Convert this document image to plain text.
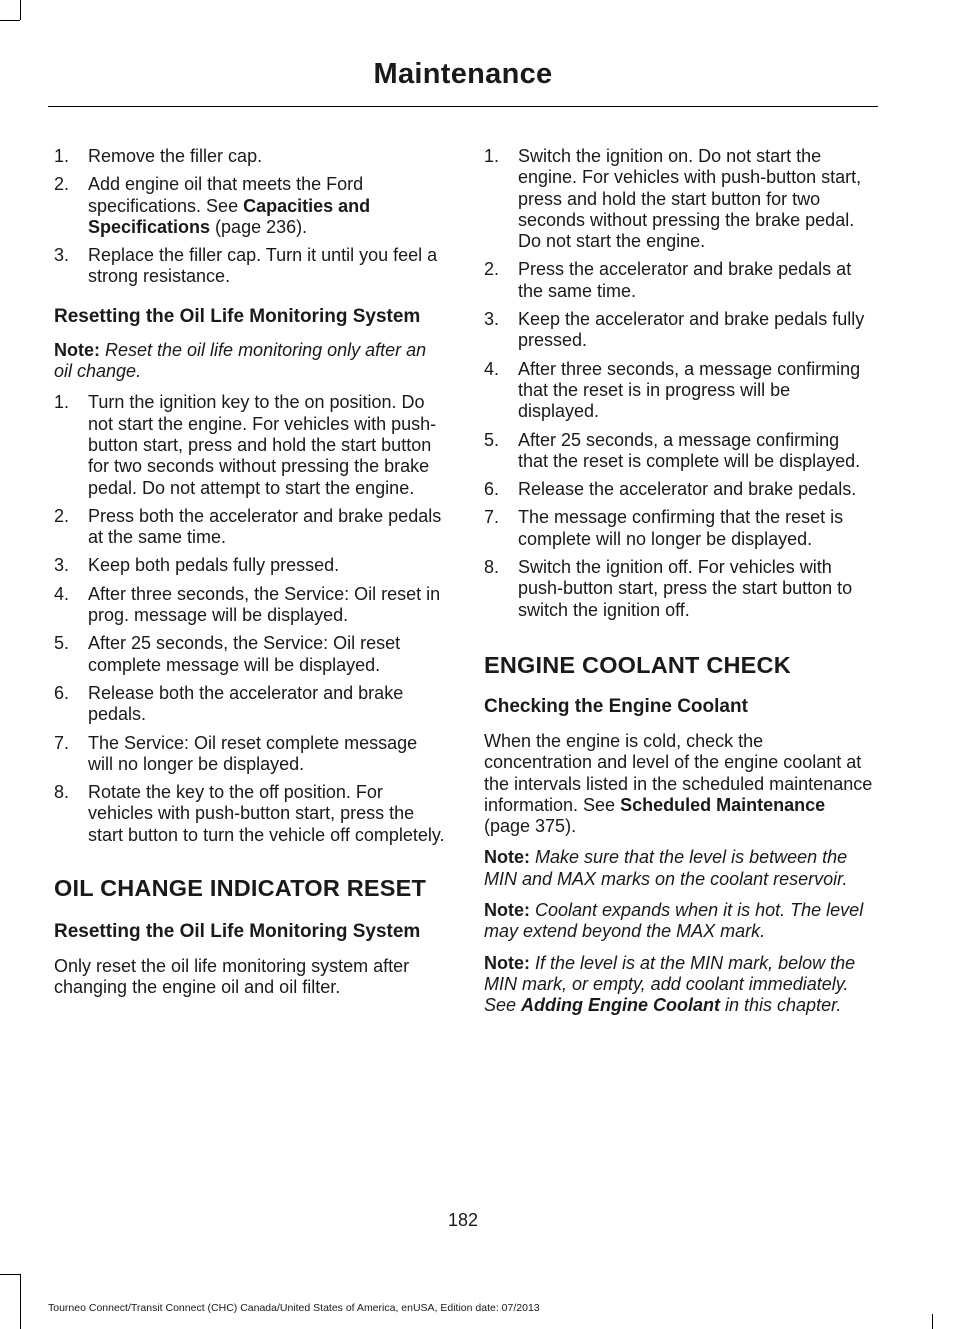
Maintenance
1. Remove the filler cap.
2. Add engine oil that meets the Ford specifications. See Capacities and Specifications (page 236).
3. Replace the filler cap. Turn it until you feel a strong resistance.
Resetting the Oil Life Monitoring System

Note: Reset the oil life monitoring only after an oil change.

1. Turn the ignition key to the on position. Do not start the engine. For vehicles with push-button start, press and hold the start button for two seconds without pressing the brake pedal. Do not attempt to start the engine.
2. Press both the accelerator and brake pedals at the same time.
3. Keep both pedals fully pressed.
4. After three seconds, the Service: Oil reset in prog. message will be displayed.
5. After 25 seconds, the Service: Oil reset complete message will be displayed.
6. Release both the accelerator and brake pedals.
7. The Service: Oil reset complete message will no longer be displayed.
8. Rotate the key to the off position. For vehicles with push-button start, press the start button to turn the vehicle off completely.
OIL CHANGE INDICATOR RESET
Resetting the Oil Life Monitoring System

Only reset the oil life monitoring system after changing the engine oil and oil filter.

1. Switch the ignition on. Do not start the engine. For vehicles with push-button start, press and hold the start button for two seconds without pressing the brake pedal. Do not start the engine.
2. Press the accelerator and brake pedals at the same time.
3. Keep the accelerator and brake pedals fully pressed.
4. After three seconds, a message confirming that the reset is in progress will be displayed.
5. After 25 seconds, a message confirming that the reset is complete will be displayed.
6. Release the accelerator and brake pedals.
7. The message confirming that the reset is complete will no longer be displayed.
8. Switch the ignition off. For vehicles with push-button start, press the start button to switch the ignition off.
ENGINE COOLANT CHECK
Checking the Engine Coolant

When the engine is cold, check the concentration and level of the engine coolant at the intervals listed in the scheduled maintenance information. See Scheduled Maintenance (page 375).

Note: Make sure that the level is between the MIN and MAX marks on the coolant reservoir.

Note: Coolant expands when it is hot. The level may extend beyond the MAX mark.

Note: If the level is at the MIN mark, below the MIN mark, or empty, add coolant immediately. See Adding Engine Coolant in this chapter.

182
Tourneo Connect/Transit Connect (CHC) Canada/United States of America, enUSA, Edition date: 07/2013
